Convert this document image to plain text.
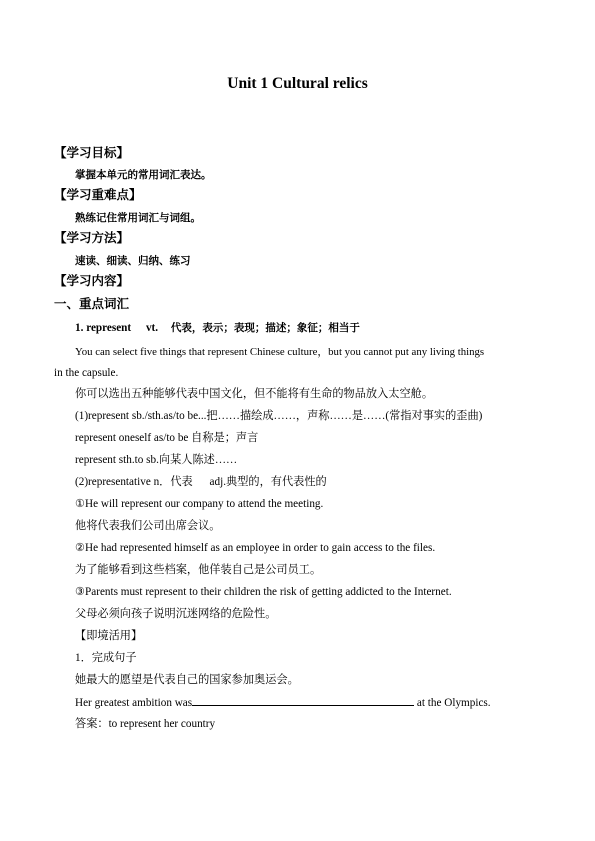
Unit 1 Cultural relics
【学习目标】
掌握本单元的常用词汇表达。
【学习重难点】
熟练记住常用词汇与词组。
【学习方法】
速读、细读、归纳、练习
【学习内容】
一、重点词汇
1. represent vt. 代表，表示；表现；描述；象征；相当于
You can select five things that represent Chinese culture，but you cannot put any living things
in the capsule.
你可以选出五种能够代表中国文化，但不能将有生命的物品放入太空舱。
(1)represent sb./sth.as/to be...把……描绘成……，声称……是……(常指对事实的歪曲)
represent oneself as/to be 自称是；声言
represent sth.to sb.向某人陈述……
(2)representative n．代表 adj.典型的，有代表性的
①He will represent our company to attend the meeting.
他将代表我们公司出席会议。
②He had represented himself as an employee in order to gain access to the files.
为了能够看到这些档案，他佯装自己是公司员工。
③Parents must represent to their children the risk of getting addicted to the Internet.
父母必须向孩子说明沉迷网络的危险性。
【即境活用】
1．完成句子
她最大的愿望是代表自己的国家参加奥运会。
Her greatest ambition was	at the Olympics.
答案：to represent her country
